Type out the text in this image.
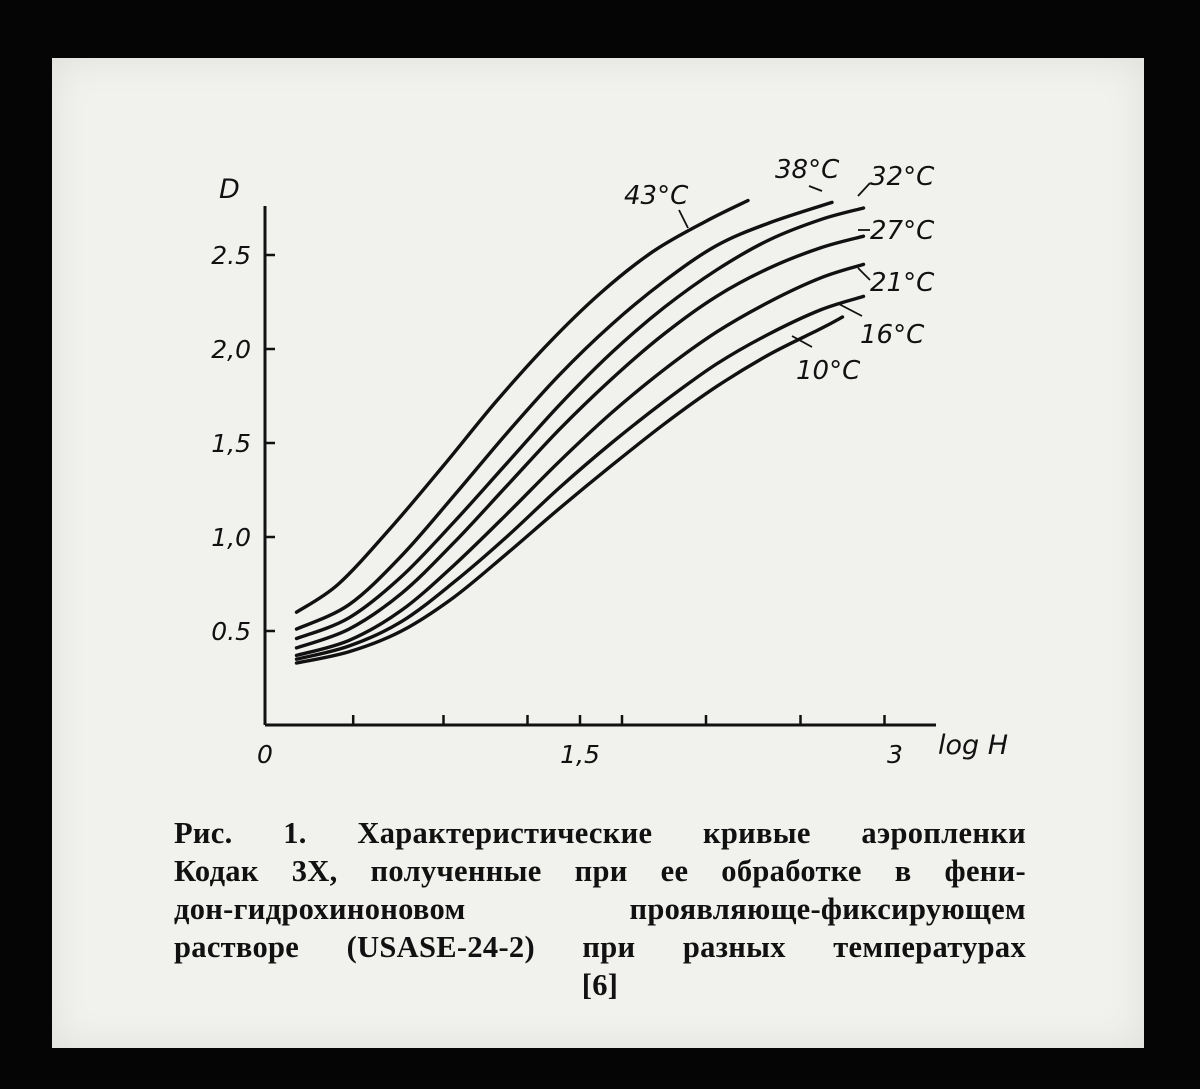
0.5
1,0
1,5
2,0
2.5
0	1,5	3
D
log H
43°C
38°C 32°C
27°C
21°C
16°C
10°C
Рис. 1. Характеристические кривые аэропленки
Кодак 3X, полученные при ее обработке в фени-
дон-гидрохиноновом проявляюще-фиксирующем
растворе (USASE-24-2) при разных температурах
[6]
